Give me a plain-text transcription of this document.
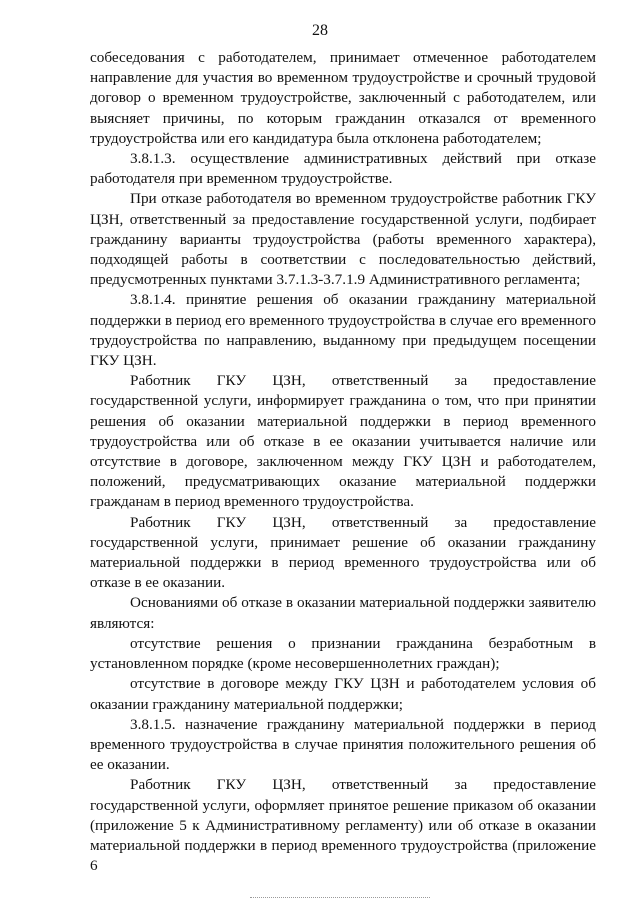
28

собеседования с работодателем, принимает отмеченное работодателем направление для участия во временном трудоустройстве и срочный трудовой договор о временном трудоустройстве, заключенный с работодателем, или выясняет причины, по которым гражданин отказался от временного трудоустройства или его кандидатура была отклонена работодателем;

3.8.1.3. осуществление административных действий при отказе работодателя при временном трудоустройстве.

При отказе работодателя во временном трудоустройстве работник ГКУ ЦЗН, ответственный за предоставление государственной услуги, подбирает гражданину варианты трудоустройства (работы временного характера), подходящей работы в соответствии с последовательностью действий, предусмотренных пунктами 3.7.1.3-3.7.1.9 Административного регламента;

3.8.1.4. принятие решения об оказании гражданину материальной поддержки в период его временного трудоустройства в случае его временного трудоустройства по направлению, выданному при предыдущем посещении ГКУ ЦЗН.

Работник ГКУ ЦЗН, ответственный за предоставление государственной услуги, информирует гражданина о том, что при принятии решения об оказании материальной поддержки в период временного трудоустройства или об отказе в ее оказании учитывается наличие или отсутствие в договоре, заключенном между ГКУ ЦЗН и работодателем, положений, предусматривающих оказание материальной поддержки гражданам в период временного трудоустройства.

Работник ГКУ ЦЗН, ответственный за предоставление государственной услуги, принимает решение об оказании гражданину материальной поддержки в период временного трудоустройства или об отказе в ее оказании.

Основаниями об отказе в оказании материальной поддержки заявителю являются:

отсутствие решения о признании гражданина безработным в установленном порядке (кроме несовершеннолетних граждан);

отсутствие в договоре между ГКУ ЦЗН и работодателем условия об оказании гражданину материальной поддержки;

3.8.1.5. назначение гражданину материальной поддержки в период временного трудоустройства в случае принятия положительного решения об ее оказании.

Работник ГКУ ЦЗН, ответственный за предоставление государственной услуги, оформляет принятое решение приказом об оказании (приложение 5 к Административному регламенту) или об отказе в оказании материальной поддержки в период временного трудоустройства (приложение 6
